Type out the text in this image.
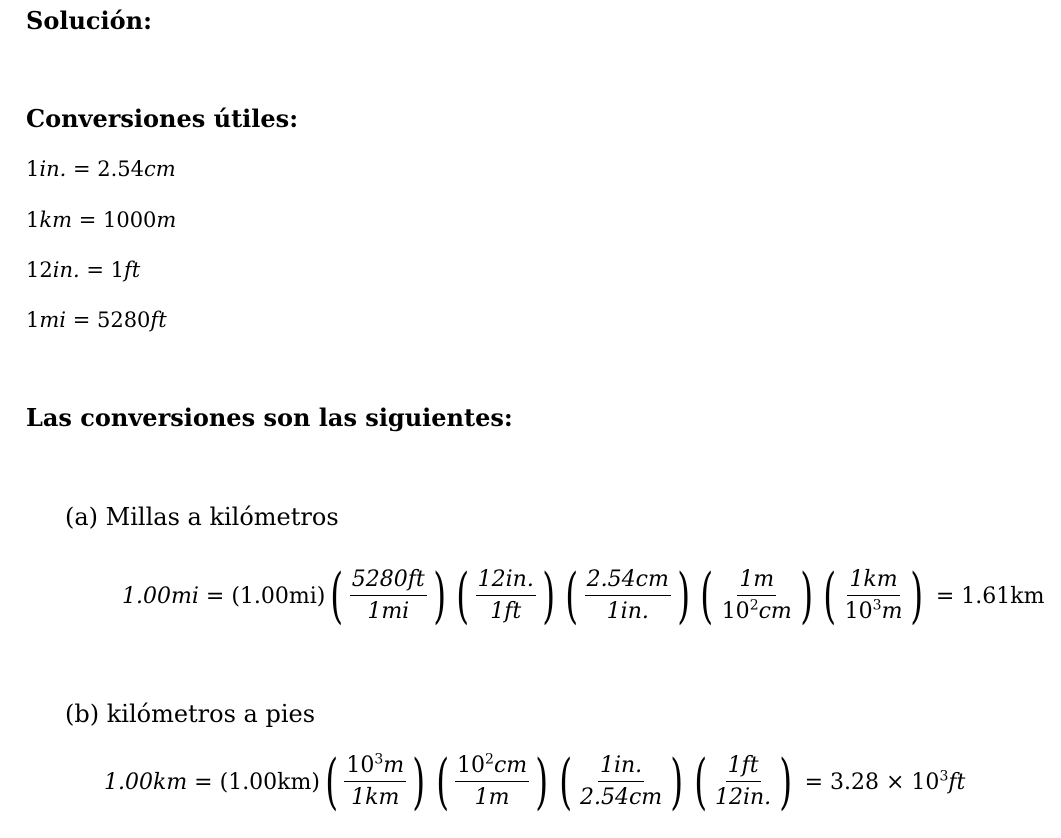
Solución:
Conversiones útiles:
1in. = 2.54cm
1km = 1000m
12in. = 1ft
1mi = 5280ft
Las conversiones son las siguientes:
(a) Millas a kilómetros
1.00mi = (1.00mi) ( $\frac{5280ft}{1mi}$ ) ( $\frac{12in.}{1ft}$ ) ( $\frac{2.54cm}{1in.}$ ) ( $\frac{1m}{10^2cm}$ ) ( $\frac{1km}{10^3m}$ ) = 1.61km
(b) kilómetros a pies
1.00km = (1.00km) ( $\frac{10^3m}{1km}$ ) ( $\frac{10^2cm}{1m}$ ) ( $\frac{1in.}{2.54cm}$ ) ( $\frac{1ft}{12in.}$ ) = $3.28 \times 10^3ft$
